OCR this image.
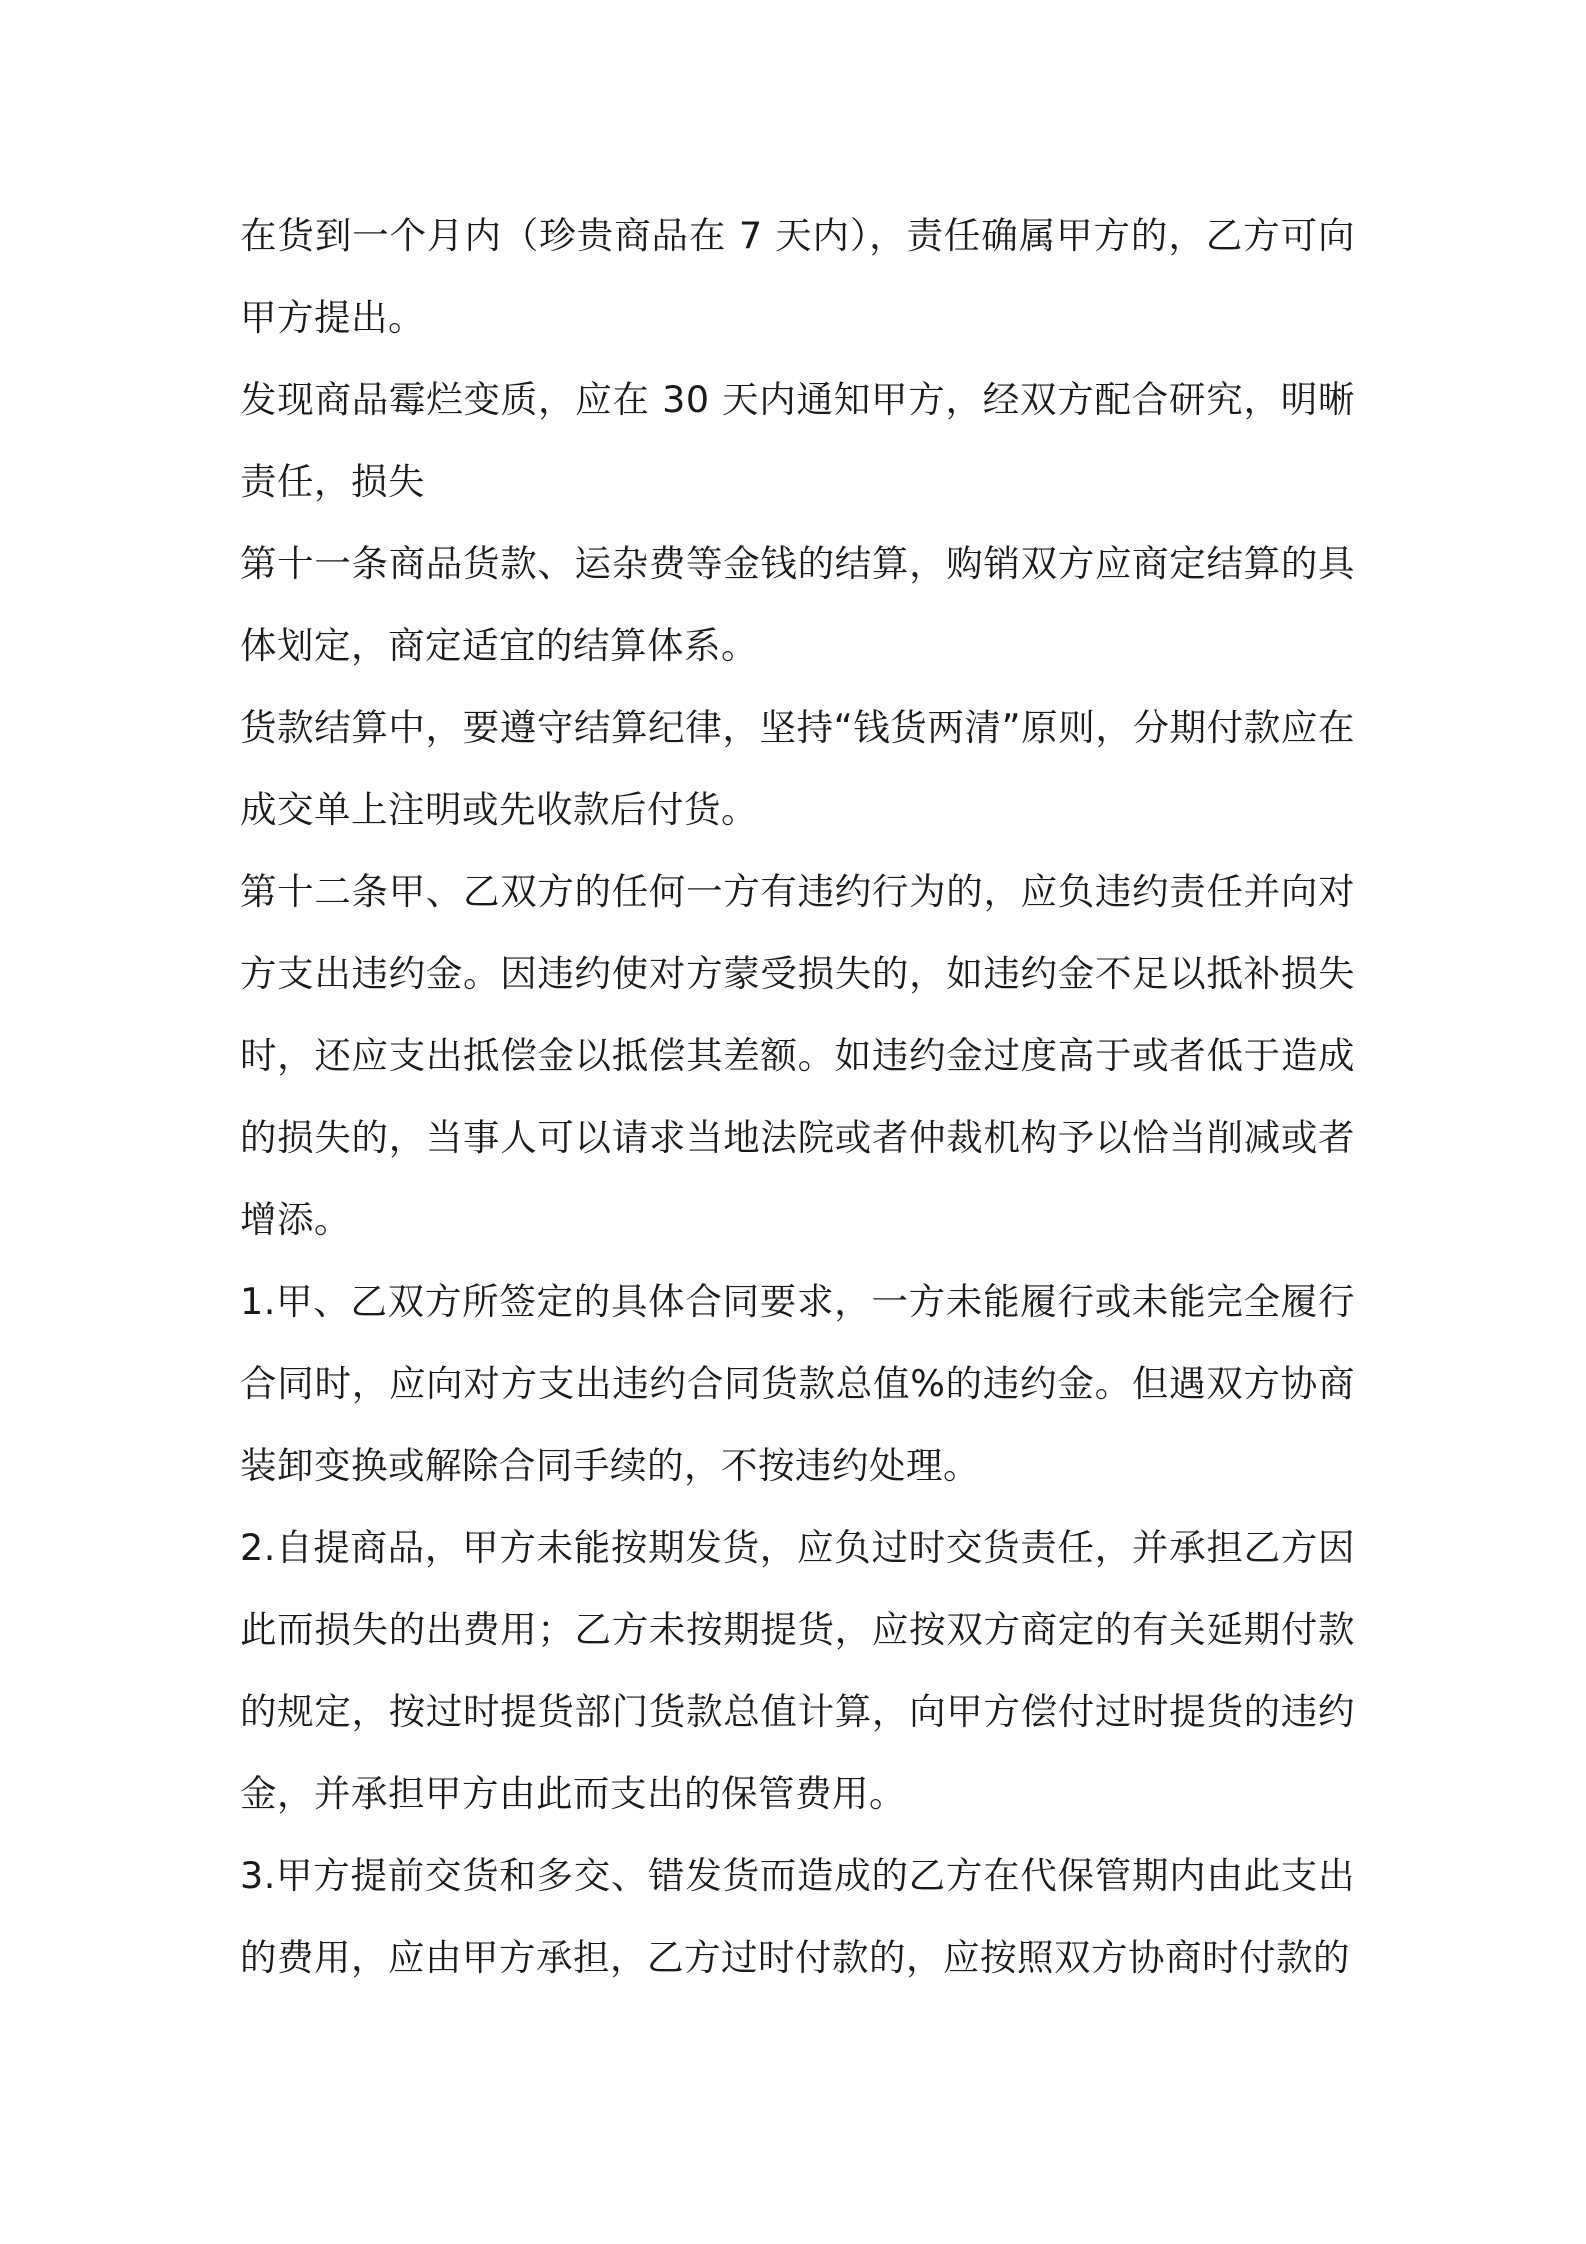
在货到一个月内（珍贵商品在 7 天内），责任确属甲方的，乙方可向甲方提出。

发现商品霉烂变质，应在 30 天内通知甲方，经双方配合研究，明晰责任，损失

第十一条商品货款、运杂费等金钱的结算，购销双方应商定结算的具体划定，商定适宜的结算体系。

货款结算中，要遵守结算纪律，坚持“钱货两清”原则，分期付款应在成交单上注明或先收款后付货。

第十二条甲、乙双方的任何一方有违约行为的，应负违约责任并向对方支出违约金。因违约使对方蒙受损失的，如违约金不足以抵补损失时，还应支出抵偿金以抵偿其差额。如违约金过度高于或者低于造成的损失的，当事人可以请求当地法院或者仲裁机构予以恰当削减或者增添。

1.甲、乙双方所签定的具体合同要求，一方未能履行或未能完全履行合同时，应向对方支出违约合同货款总值%的违约金。但遇双方协商装卸变换或解除合同手续的，不按违约处理。

2.自提商品，甲方未能按期发货，应负过时交货责任，并承担乙方因此而损失的出费用；乙方未按期提货，应按双方商定的有关延期付款的规定，按过时提货部门货款总值计算，向甲方偿付过时提货的违约金，并承担甲方由此而支出的保管费用。

3.甲方提前交货和多交、错发货而造成的乙方在代保管期内由此支出的费用，应由甲方承担，乙方过时付款的，应按照双方协商时付款的
